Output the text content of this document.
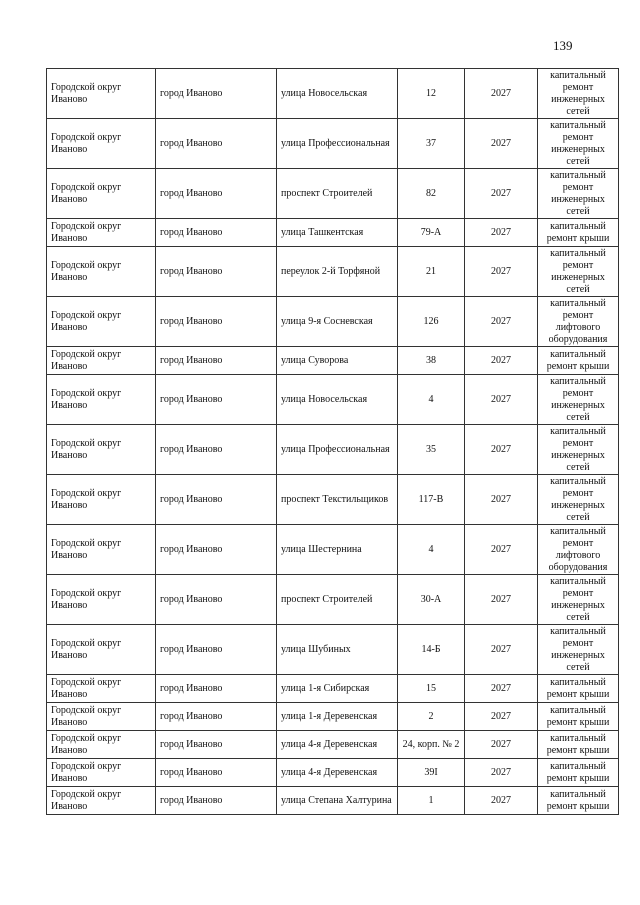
139
Городской округ Иваново	город Иваново	улица Новосельская	12	2027	капитальный ремонт инженерных сетей
Городской округ Иваново	город Иваново	улица Профессиональная	37	2027	капитальный ремонт инженерных сетей
Городской округ Иваново	город Иваново	проспект Строителей	82	2027	капитальный ремонт инженерных сетей
Городской округ Иваново	город Иваново	улица Ташкентская	79-А	2027	капитальный ремонт крыши
Городской округ Иваново	город Иваново	переулок 2-й Торфяной	21	2027	капитальный ремонт инженерных сетей
Городской округ Иваново	город Иваново	улица 9-я Сосневская	126	2027	капитальный ремонт лифтового оборудования
Городской округ Иваново	город Иваново	улица Суворова	38	2027	капитальный ремонт крыши
Городской округ Иваново	город Иваново	улица Новосельская	4	2027	капитальный ремонт инженерных сетей
Городской округ Иваново	город Иваново	улица Профессиональная	35	2027	капитальный ремонт инженерных сетей
Городской округ Иваново	город Иваново	проспект Текстильщиков	117-В	2027	капитальный ремонт инженерных сетей
Городской округ Иваново	город Иваново	улица Шестернина	4	2027	капитальный ремонт лифтового оборудования
Городской округ Иваново	город Иваново	проспект Строителей	30-А	2027	капитальный ремонт инженерных сетей
Городской округ Иваново	город Иваново	улица Шубиных	14-Б	2027	капитальный ремонт инженерных сетей
Городской округ Иваново	город Иваново	улица 1-я Сибирская	15	2027	капитальный ремонт крыши
Городской округ Иваново	город Иваново	улица 1-я Деревенская	2	2027	капитальный ремонт крыши
Городской округ Иваново	город Иваново	улица 4-я Деревенская	24, корп. № 2	2027	капитальный ремонт крыши
Городской округ Иваново	город Иваново	улица 4-я Деревенская	39I	2027	капитальный ремонт крыши
Городской округ Иваново	город Иваново	улица Степана Халтурина	1	2027	капитальный ремонт крыши
